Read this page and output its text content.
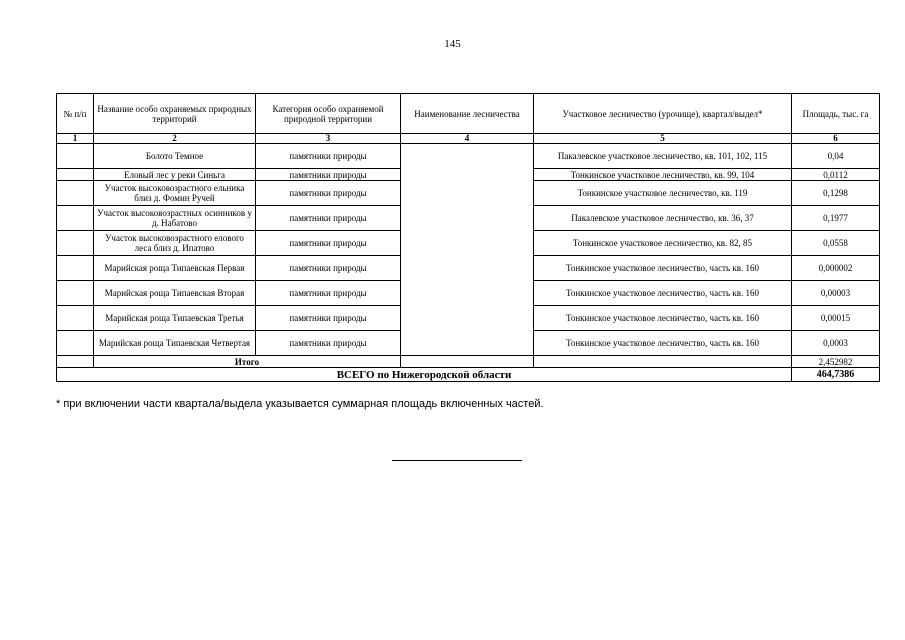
145
№ п/п	Название особо охраняемых природных территорий	Категория особо охраняемой природной территории	Наименование лесничества	Участковое лесничество (урочище), квартал/выдел*	Площадь, тыс. га
1	2	3	4	5	6
	Болото Темное	памятники природы		Пакалевское участковое лесничество, кв. 101, 102, 115	0,04
	Еловый лес у реки Синьга	памятники природы		Тонкинское участковое лесничество, кв. 99, 104	0,0112
	Участок высоковозрастного ельника близ д. Фомин Ручей	памятники природы		Тонкинское участковое лесничество, кв. 119	0,1298
	Участок высоковозрастных осинников у д. Набатово	памятники природы		Пакалевское участковое лесничество, кв. 36, 37	0,1977
	Участок высоковозрастного елового леса близ д. Ипатово	памятники природы		Тонкинское участковое лесничество, кв. 82, 85	0,0558
	Марийская роща Типаевская Первая	памятники природы		Тонкинское участковое лесничество, часть кв. 160	0,000002
	Марийская роща Типаевская Вторая	памятники природы		Тонкинское участковое лесничество, часть кв. 160	0,00003
	Марийская роща Типаевская Третья	памятники природы		Тонкинское участковое лесничество, часть кв. 160	0,00015
	Марийская роща Типаевская Четвертая	памятники природы		Тонкинское участковое лесничество, часть кв. 160	0,0003
	Итого				2,452982
ВСЕГО по Нижегородской области					464,7386
* при включении части квартала/выдела указывается суммарная площадь включенных частей.
